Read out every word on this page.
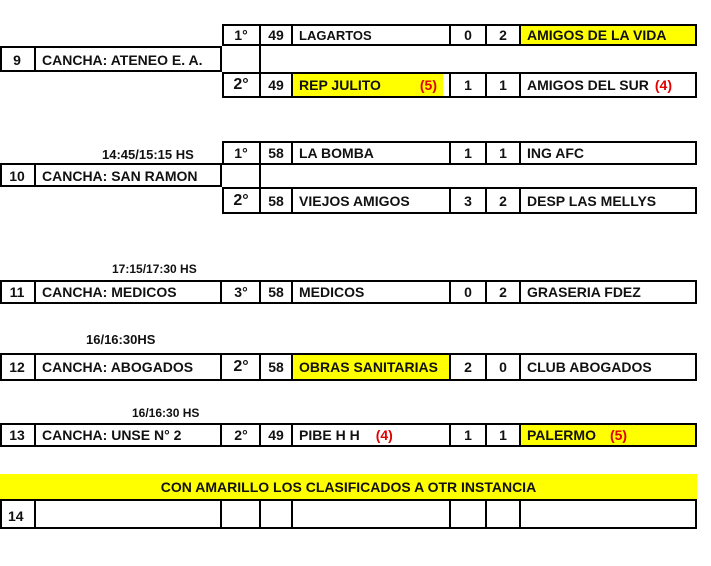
1°	49	LAGARTOS	0	2	AMIGOS DE LA VIDA
9	CANCHA: ATENEO E. A.
2°	49	REP JULITO	(5)	1	1	AMIGOS DEL SUR (4)
14:45/15:15 HS	1°	58	LA BOMBA	1	1	ING AFC
10	CANCHA: SAN RAMON
2°	58	VIEJOS AMIGOS	3	2	DESP LAS MELLYS
17:15/17:30 HS
11	CANCHA: MEDICOS	3°	58	MEDICOS	0	2	GRASERIA FDEZ
16/16:30HS
12	CANCHA: ABOGADOS	2°	58	OBRAS SANITARIAS	2	0	CLUB ABOGADOS
16/16:30 HS
13	CANCHA: UNSE N° 2	2°	49	PIBE H H (4)	1	1	PALERMO (5)
CON AMARILLO LOS CLASIFICADOS A OTR INSTANCIA
14
